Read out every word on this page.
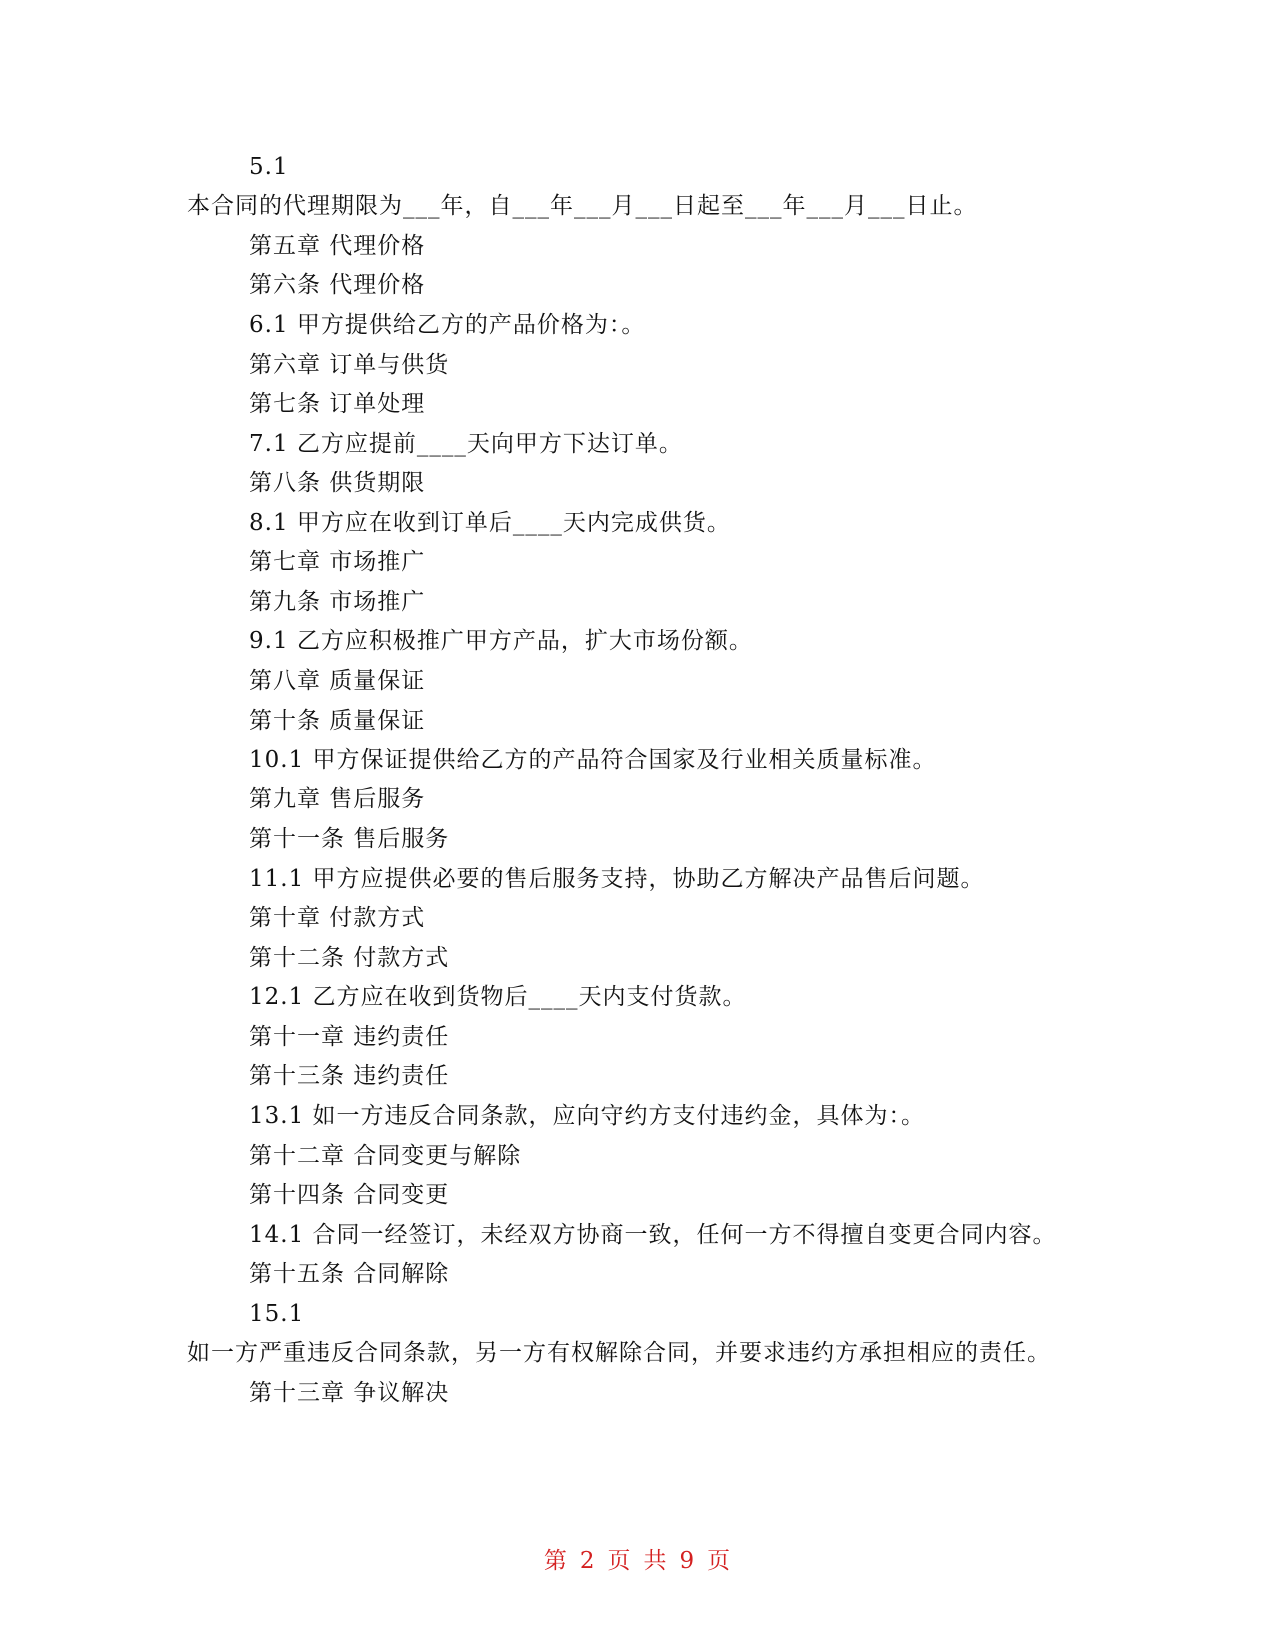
5.1
本合同的代理期限为___年，自___年___月___日起至___年___月___日止。
第五章 代理价格
第六条 代理价格
6.1 甲方提供给乙方的产品价格为：。
第六章 订单与供货
第七条 订单处理
7.1 乙方应提前____天向甲方下达订单。
第八条 供货期限
8.1 甲方应在收到订单后____天内完成供货。
第七章 市场推广
第九条 市场推广
9.1 乙方应积极推广甲方产品，扩大市场份额。
第八章 质量保证
第十条 质量保证
10.1 甲方保证提供给乙方的产品符合国家及行业相关质量标准。
第九章 售后服务
第十一条 售后服务
11.1 甲方应提供必要的售后服务支持，协助乙方解决产品售后问题。
第十章 付款方式
第十二条 付款方式
12.1 乙方应在收到货物后____天内支付货款。
第十一章 违约责任
第十三条 违约责任
13.1 如一方违反合同条款，应向守约方支付违约金，具体为：。
第十二章 合同变更与解除
第十四条 合同变更
14.1 合同一经签订，未经双方协商一致，任何一方不得擅自变更合同内容。
第十五条 合同解除
15.1
如一方严重违反合同条款，另一方有权解除合同，并要求违约方承担相应的责任。
第十三章 争议解决
第 2 页 共 9 页
